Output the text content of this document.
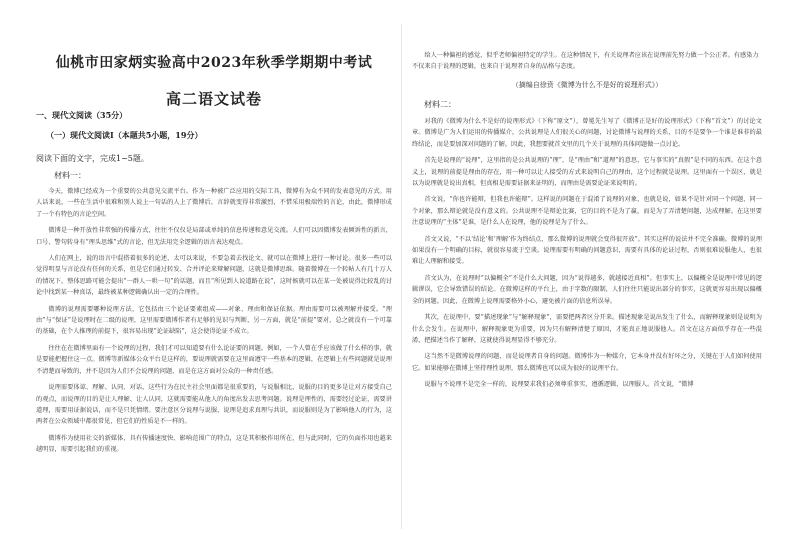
仙桃市田家炳实验高中2023年秋季学期期中考试
高二语文试卷
一、现代文阅读（35分）
（一）现代文阅读Ⅰ（本题共5小题，19分）
阅读下面的文字，完成1~5题。
材料一：

今天，微博已经成为一个重要的公共意见交流平台。作为一种被广泛应用的交际工具，微博有为众不同的发表意见的方式。用人话来说，一些在生活中很难和别人说上一句话的人上了微博后，言辞就变得非常激烈，不惜采用极端性的言论，由此，微博形成了一个有特色的言论空间。

微博是一种开放性非常强的传播方式，往往不仅仅是局部或单纯的信息传递和意见交流。人们可以因微博发表倾诉性的新言，口号、警句转身有“理头思维”式的言论，但无法用完全逻辑的语言表达观点。

人们在网上，说的语言中混搭着很多的论述，太可以来说，不要急着去找论文、就可以在微博上进行一种讨论。很多一些可以觉得明显与言论没有任何的关系，但是它们通过转发、合并评论来辩解问题，这就是微博思维。随着微博在一个转帖人有几十万人的情况下，整体思路可能会提出“一群人一哄一句”的话题，而且“所见到人说道路在说”，这时候就可以在某一处被说得比较乱的讨论中找到某一种真话，最终被某种逻辑确认出一定的合理性。

微博的说理需要哪种说理方法，它包括由三个论证要素组成——对象、理由和保证依据。理由需要可以被理解并接受。“理由”与“保证”是说理时在二级的说理，这里需要微博作者有足够的见识与判断，另一方面，就是“前提”要对，总之就没有一个可靠的基础，在个人推理的前提下，很容易出现“论证缺陷”，这会使得论证不成立。

往往在在微博里面有一个说理的过程，我们才可以知道要有什么论证要的问题。例如，一个人曾在乎应该做了什么样的事，就是要能把握住这一点。微博等新媒体公众平台是这样的，要说理就需要在这里面遵守一些基本的逻辑，在逻辑上有些问题就是说理不清楚而导致的，并不是因为人们不会说理的问题，而是在这方面对公众的一种责任感。

说理需要体谅、理解、认同、对话，这些行为在民主社会里面都是很重要的，与说服相比，说服的目的更多是让对方接受自己的观点，而说理的目的是让人理解、让人认同，这就需要能从他人的角度出发去思考问题。说理是理性的，需要经过论证，需要讲道理，需要用证据说话，而不是只凭情绪。要注意区分说理与说服，说理是追求真理与共识，而说服则是为了影响他人的行为，这两者在公众领域中都很常见，但它们的性质是不一样的。

微博作为使用社交的新媒体，具有传播速度快、影响范围广的特点，这是其积极作用所在，但与此同时，它的负面作用也越来越明显，需要引起我们的重视。

给人一种偏袒的感觉，似乎老师偏袒特定的学生。在这种情况下，有关说理者应该在说理前先努力做一个公正者。有感染力不仅来自于说理的逻辑，也来自于说理者自身的品格与态度。

（摘编自徐贲《微博为什么不是好的说理形式》）
材料二：

对我的《微博为什么不是好的说理形式》（下称“原文”），曾冕先生写了《微博正是好的说理形式》（下称“首文”）的讨论文章。微博是广为人们运用的传播媒介，公共说理是人们很关心的问题，讨论微博与说理的关系，目的不是要争一个谁是谁非的最终结论，而是要加深对问题的了解。因此，我想要就首文里的几个关于说理的具体问题做一点讨论。

首先是说理的“说理”，这里指的是公共说理的“理”，是“理由”和“道理”的意思，它与事实的“真假”是不同的东西。在这个意义上，说理的前提是理由的存在，用一种可以让人接受的方式来说明自己的理由，这个过程就是说理。这里面有一个误区，就是以为说理就是说出真相，但真相是需要证据来证明的，而理由是需要论证来说明的。

首文说，“你也许能辩，但我也许能辩”。这样说的问题在于混淆了说理的对象，也就是说，如果不是针对同一个问题、同一个对象，那么辩论就是没有意义的。公共说理不是辩论比赛，它的目的不是为了赢，而是为了弄清楚问题，达成理解。在这里要注意说理的“主体”是谁，是什么人在说理，他的说理是为了什么。

首文又说，“不以‘结论’和‘理解’作为终结点，那么微博的说理就会变得很开放”。其实这样的说法并不完全准确。微博的说理如果没有一个明确的目标，就很容易流于空谈。说理需要有明确的问题意识，需要有具体的论证过程，否则很难说服他人，也很难让人理解和接受。

首文认为，在说理时“以偏概全”不是什么大问题，因为“说得越多，就越接近真相”。但事实上，以偏概全是说理中常见的逻辑谬误，它会导致错误的结论。在微博这样的平台上，由于字数的限制，人们往往只能说出部分的事实，这就更容易出现以偏概全的问题。因此，在微博上说理需要格外小心，避免被片面的信息所误导。

其次，在说理中，要“描述现象”与“解释现象”，需要把两者区分开来。描述现象是说出发生了什么，而解释现象则是说明为什么会发生。在说理中，解释现象更为重要，因为只有解释清楚了原因，才能真正地说服他人。首文在这方面似乎存在一些混淆，把描述当作了解释，这就使得说理显得不够充分。

这当然不是微博说理的问题，而是说理者自身的问题。微博作为一种媒介，它本身并没有好坏之分，关键在于人们如何使用它。如果能够在微博上坚持理性说理，那么微博也可以成为很好的说理平台。

说服与不说理不是完全一样的，说理要求我们必须尊重事实、遵循逻辑，以理服人。首文说，“微博
